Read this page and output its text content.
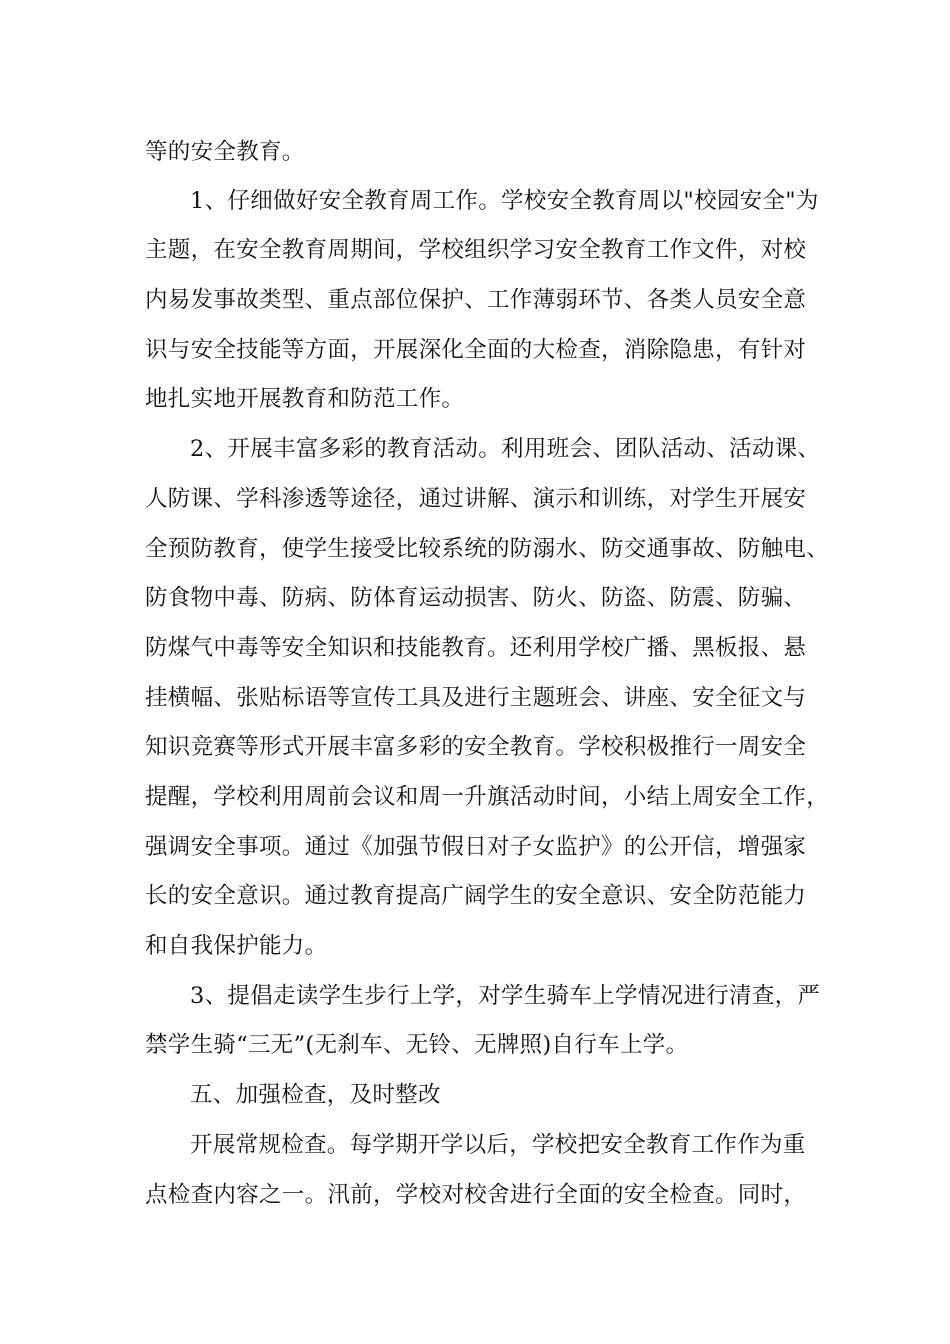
等的安全教育。
1、仔细做好安全教育周工作。学校安全教育周以"校园安全"为
主题，在安全教育周期间，学校组织学习安全教育工作文件，对校
内易发事故类型、重点部位保护、工作薄弱环节、各类人员安全意
识与安全技能等方面，开展深化全面的大检查，消除隐患，有针对
地扎实地开展教育和防范工作。
2、开展丰富多彩的教育活动。利用班会、团队活动、活动课、
人防课、学科渗透等途径，通过讲解、演示和训练，对学生开展安
全预防教育，使学生接受比较系统的防溺水、防交通事故、防触电、
防食物中毒、防病、防体育运动损害、防火、防盗、防震、防骗、
防煤气中毒等安全知识和技能教育。还利用学校广播、黑板报、悬
挂横幅、张贴标语等宣传工具及进行主题班会、讲座、安全征文与
知识竞赛等形式开展丰富多彩的安全教育。学校积极推行一周安全
提醒，学校利用周前会议和周一升旗活动时间，小结上周安全工作，
强调安全事项。通过《加强节假日对子女监护》的公开信，增强家
长的安全意识。通过教育提高广阔学生的安全意识、安全防范能力
和自我保护能力。
3、提倡走读学生步行上学，对学生骑车上学情况进行清查，严
禁学生骑“三无”(无刹车、无铃、无牌照)自行车上学。
五、加强检查，及时整改
开展常规检查。每学期开学以后，学校把安全教育工作作为重
点检查内容之一。汛前，学校对校舍进行全面的安全检查。同时，
